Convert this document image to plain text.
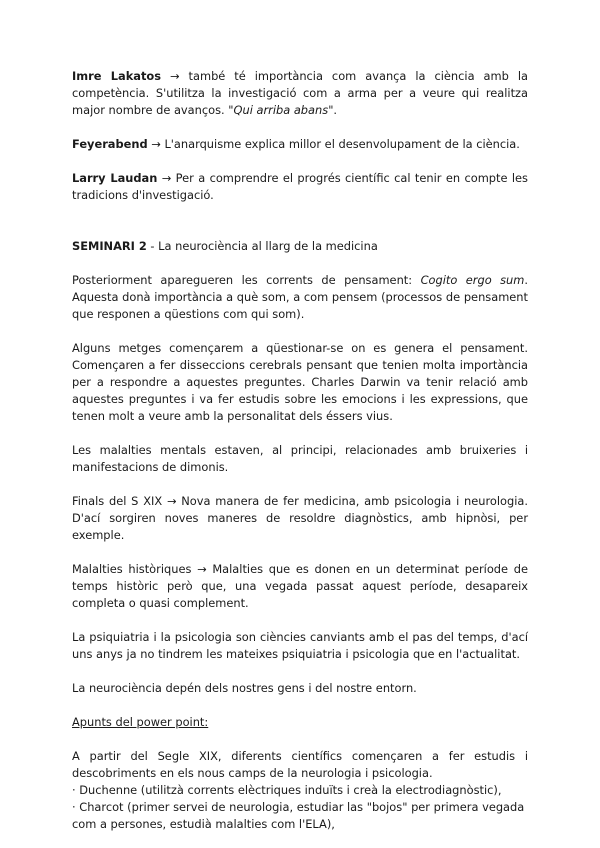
Imre Lakatos → també té importància com avança la ciència amb la competència. S'utilitza la investigació com a arma per a veure qui realitza major nombre de avanços. "Qui arriba abans".

Feyerabend → L'anarquisme explica millor el desenvolupament de la ciència.

Larry Laudan → Per a comprendre el progrés científic cal tenir en compte les tradicions d'investigació.

SEMINARI 2 - La neurociència al llarg de la medicina

Posteriorment aparegueren les corrents de pensament: Cogito ergo sum. Aquesta donà importància a què som, a com pensem (processos de pensament que responen a qüestions com qui som).

Alguns metges començarem a qüestionar-se on es genera el pensament. Començaren a fer disseccions cerebrals pensant que tenien molta importància per a respondre a aquestes preguntes. Charles Darwin va tenir relació amb aquestes preguntes i va fer estudis sobre les emocions i les expressions, que tenen molt a veure amb la personalitat dels éssers vius.

Les malalties mentals estaven, al principi, relacionades amb bruixeries i manifestacions de dimonis.

Finals del S XIX → Nova manera de fer medicina, amb psicologia i neurologia. D'ací sorgiren noves maneres de resoldre diagnòstics, amb hipnòsi, per exemple.

Malalties històriques → Malalties que es donen en un determinat període de temps històric però que, una vegada passat aquest període, desapareix completa o quasi complement.

La psiquiatria i la psicologia son ciències canviants amb el pas del temps, d'ací uns anys ja no tindrem les mateixes psiquiatria i psicologia que en l'actualitat.

La neurociència depén dels nostres gens i del nostre entorn.

Apunts del power point:

A partir del Segle XIX, diferents científics començaren a fer estudis i descobriments en els nous camps de la neurologia i psicologia.
· Duchenne (utilitzà corrents elèctriques induïts i creà la electrodiagnòstic),
· Charcot (primer servei de neurologia, estudiar las "bojos" per primera vegada com a persones, estudià malalties com l'ELA),
